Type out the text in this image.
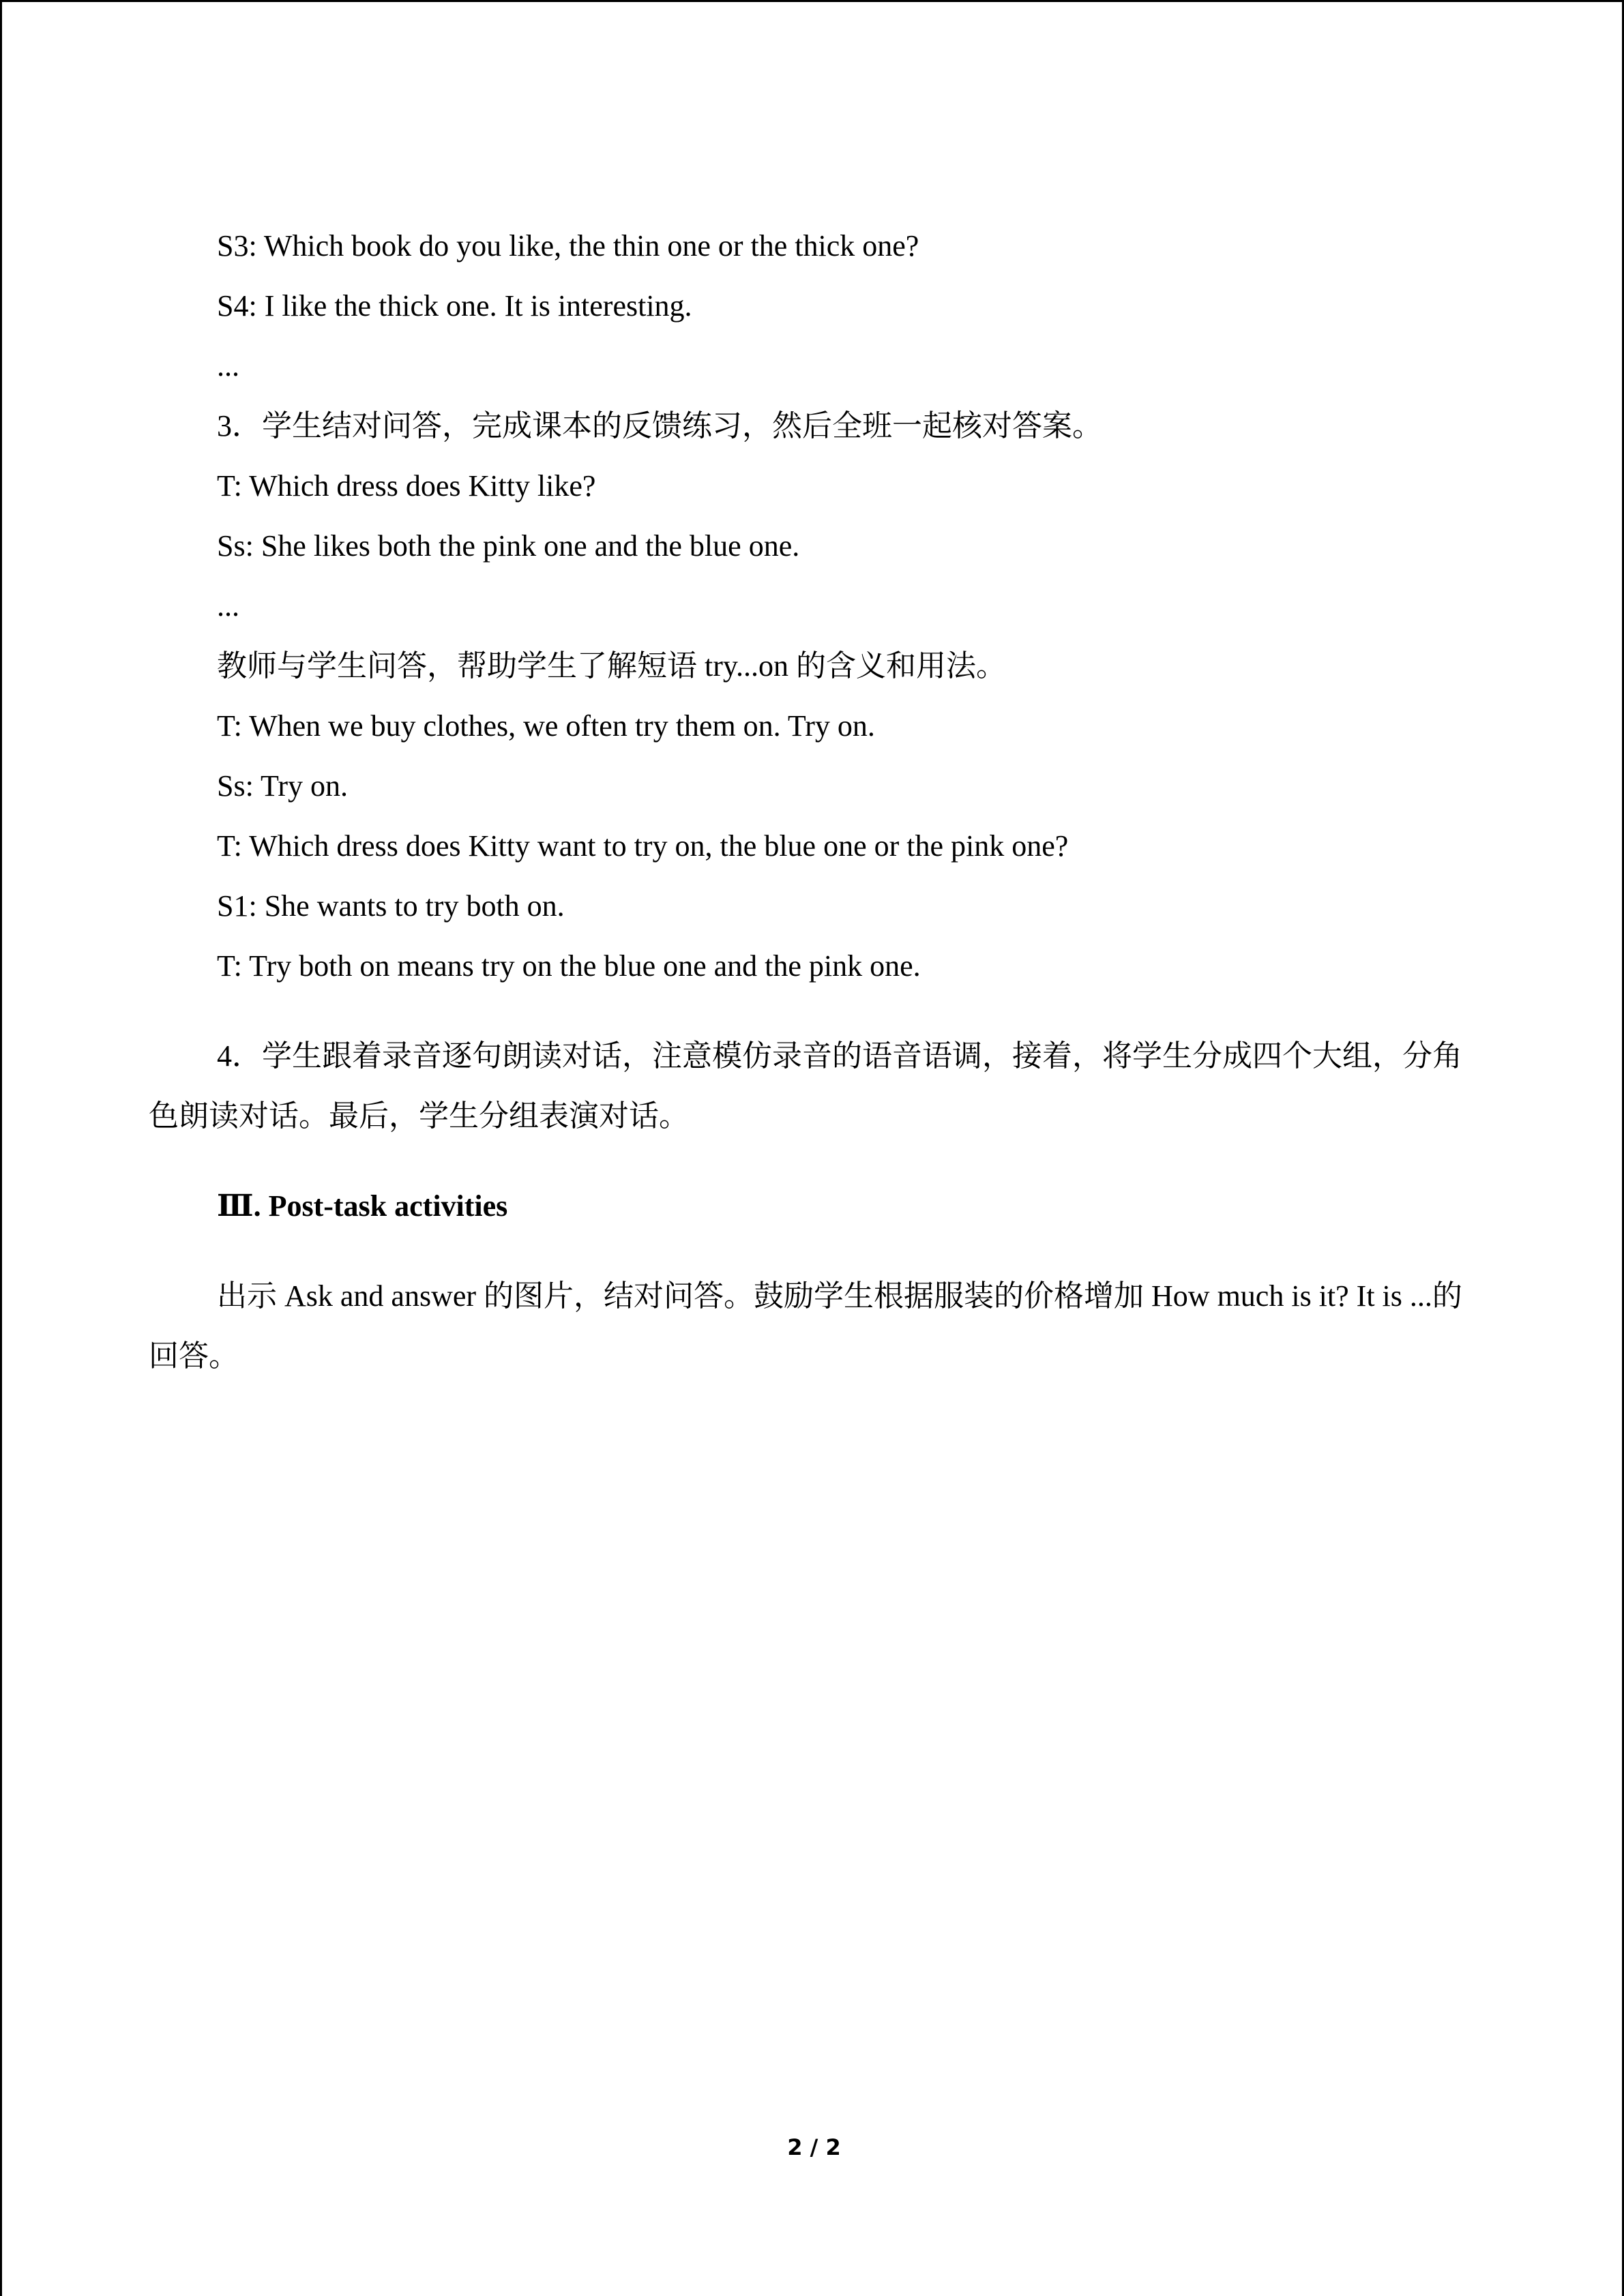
S3: Which book do you like, the thin one or the thick one?

S4: I like the thick one. It is interesting.

...

3．学生结对问答，完成课本的反馈练习，然后全班一起核对答案。

T: Which dress does Kitty like?

Ss: She likes both the pink one and the blue one.

...

教师与学生问答，帮助学生了解短语 try...on 的含义和用法。

T: When we buy clothes, we often try them on. Try on.

Ss: Try on.

T: Which dress does Kitty want to try on, the blue one or the pink one?

S1: She wants to try both on.

T: Try both on means try on the blue one and the pink one.

4．学生跟着录音逐句朗读对话，注意模仿录音的语音语调，接着，将学生分成四个大组，分角色朗读对话。最后，学生分组表演对话。

Ⅲ. Post-task activities

出示 Ask and answer 的图片，结对问答。鼓励学生根据服装的价格增加 How much is it? It is ...的回答。

2 / 2
